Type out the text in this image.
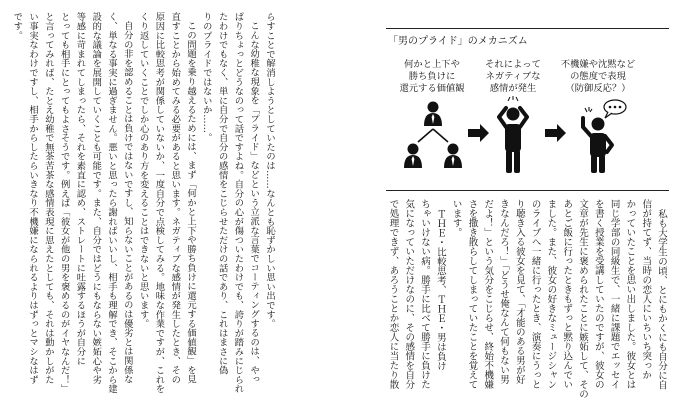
らすことで解消しようとしていたのは……なんとも恥ずかしい思い出です。
こんな幼稚な現象を「プライド」などという立派な言葉でコーティングするのは、やっ
ぱりちょっとどうなのって話ですよね。自分の心が傷ついたわけでも、誇りが踏みにじられ
たわけでもなく、単に自分で自分の感情をこじらせただけの話であり、これはまさに偽
りのプライドではないか……。
この問題を乗り越えるためには、まず「何かと上下や勝ち負けに還元する価値観」を見
直すことから始めてみる必要があると思います。ネガティブな感情が発生したとき、その
原因に比較思考が関係していないか、一度自分で点検してみる。地味な作業ですが、これを
くり返していくことでしか心のあり方を変えることはできないと思います。
自分の非を認めることは負けではないですし、知らないことがあるのは優劣とは関係な
く、単なる事実に過ぎません。悪いと思ったら謝ればいいし、相手も理解でき、そこから建
設的な議論を展開していくことも可能です。また、自分ではどうにもならない嫉妬心や劣
等感に苛まれてしまったら、それを素直に認め、ストレートに吐露するほうが自分に
とっても相手にとってもよさそうです。例えば「彼女が他の男を褒めるのがイヤなんだ！」
と言ってみれば、たとえ幼稚で無茶苦茶な感情表現に思えたとしても、それは動かしがた
い事実なわけですし、相手からしたらいきなり不機嫌になられるよりはずっとマシなはず
です。
「男のプライド」のメカニズム
何かと上下や
勝ち負けに
還元する価値観
それによって
ネガティブな
感情が発生
不機嫌や沈黙など
の態度で表現
（防御反応？）
私も大学生の頃、とにもかくにも自分に自
信が持てず、当時の恋人にいちいち突っか
かっていたことを思い出しました。彼女とは
同じ学部の同級生で、一緒に課題でエッセイ
を書く授業を受講していたのですが、彼女の
文章が先生に褒められたことに嫉妬して、その
あとご飯に行ったときもずっと黙り込んでい
ました。また、彼女の好きなミュージシャン
のライブへ一緒に行ったとき、演奏にうっと
り聴き入る彼女を見て、「才能のある男が好
きなんだろ！」「どうせ俺なんて何もない男
だよ！」という気分をこじらせ、終始不機嫌
さを撒き散らしてしまっていたことを覚えて
います。
ＴＨＥ・比較思考、ＴＨＥ・男は負け
ちゃいけない病。勝手に比べて勝手に負けた
気になっていただけなのに、その感情を自分
で処理できず、あろうことか恋人に当たり散
